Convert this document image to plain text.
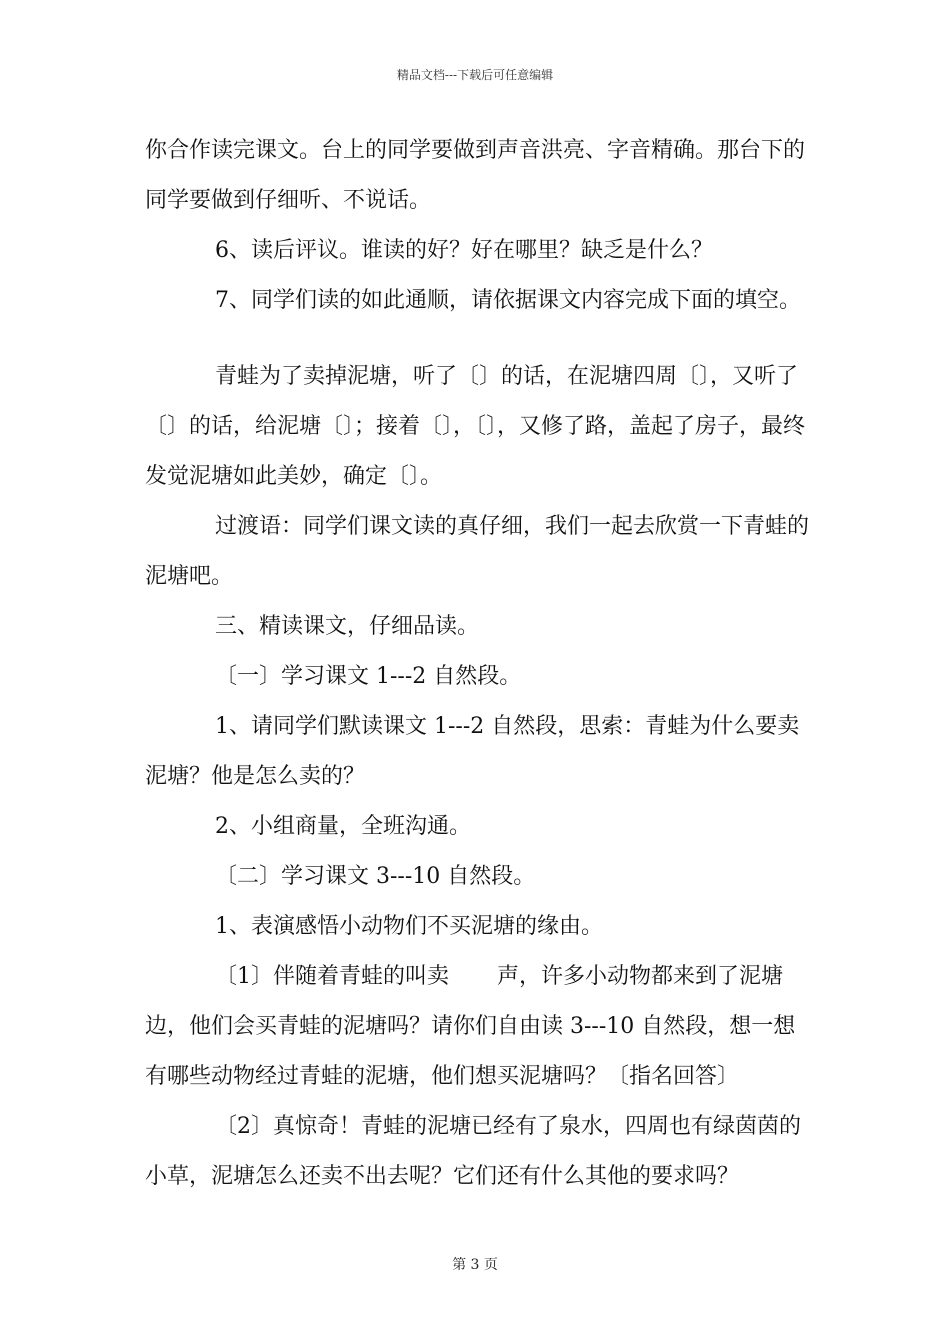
精品文档---下载后可任意编辑

你合作读完课文。台上的同学要做到声音洪亮、字音精确。那台下的同学要做到仔细听、不说话。

6、读后评议。谁读的好？好在哪里？缺乏是什么？

7、同学们读的如此通顺，请依据课文内容完成下面的填空。

青蛙为了卖掉泥塘，听了〔〕的话，在泥塘四周〔〕，又听了〔〕的话，给泥塘〔〕；接着〔〕，〔〕，又修了路，盖起了房子，最终发觉泥塘如此美妙，确定〔〕。

过渡语：同学们课文读的真仔细，我们一起去欣赏一下青蛙的泥塘吧。

三、精读课文，仔细品读。

〔一〕学习课文 1---2 自然段。

1、请同学们默读课文 1---2 自然段，思索：青蛙为什么要卖泥塘？他是怎么卖的？

2、小组商量，全班沟通。

〔二〕学习课文 3---10 自然段。

1、表演感悟小动物们不买泥塘的缘由。

〔1〕伴随着青蛙的叫卖 声，许多小动物都来到了泥塘边，他们会买青蛙的泥塘吗？请你们自由读 3---10 自然段，想一想有哪些动物经过青蛙的泥塘，他们想买泥塘吗？〔指名回答〕

〔2〕真惊奇！青蛙的泥塘已经有了泉水，四周也有绿茵茵的小草，泥塘怎么还卖不出去呢？它们还有什么其他的要求吗？

第 3 页
